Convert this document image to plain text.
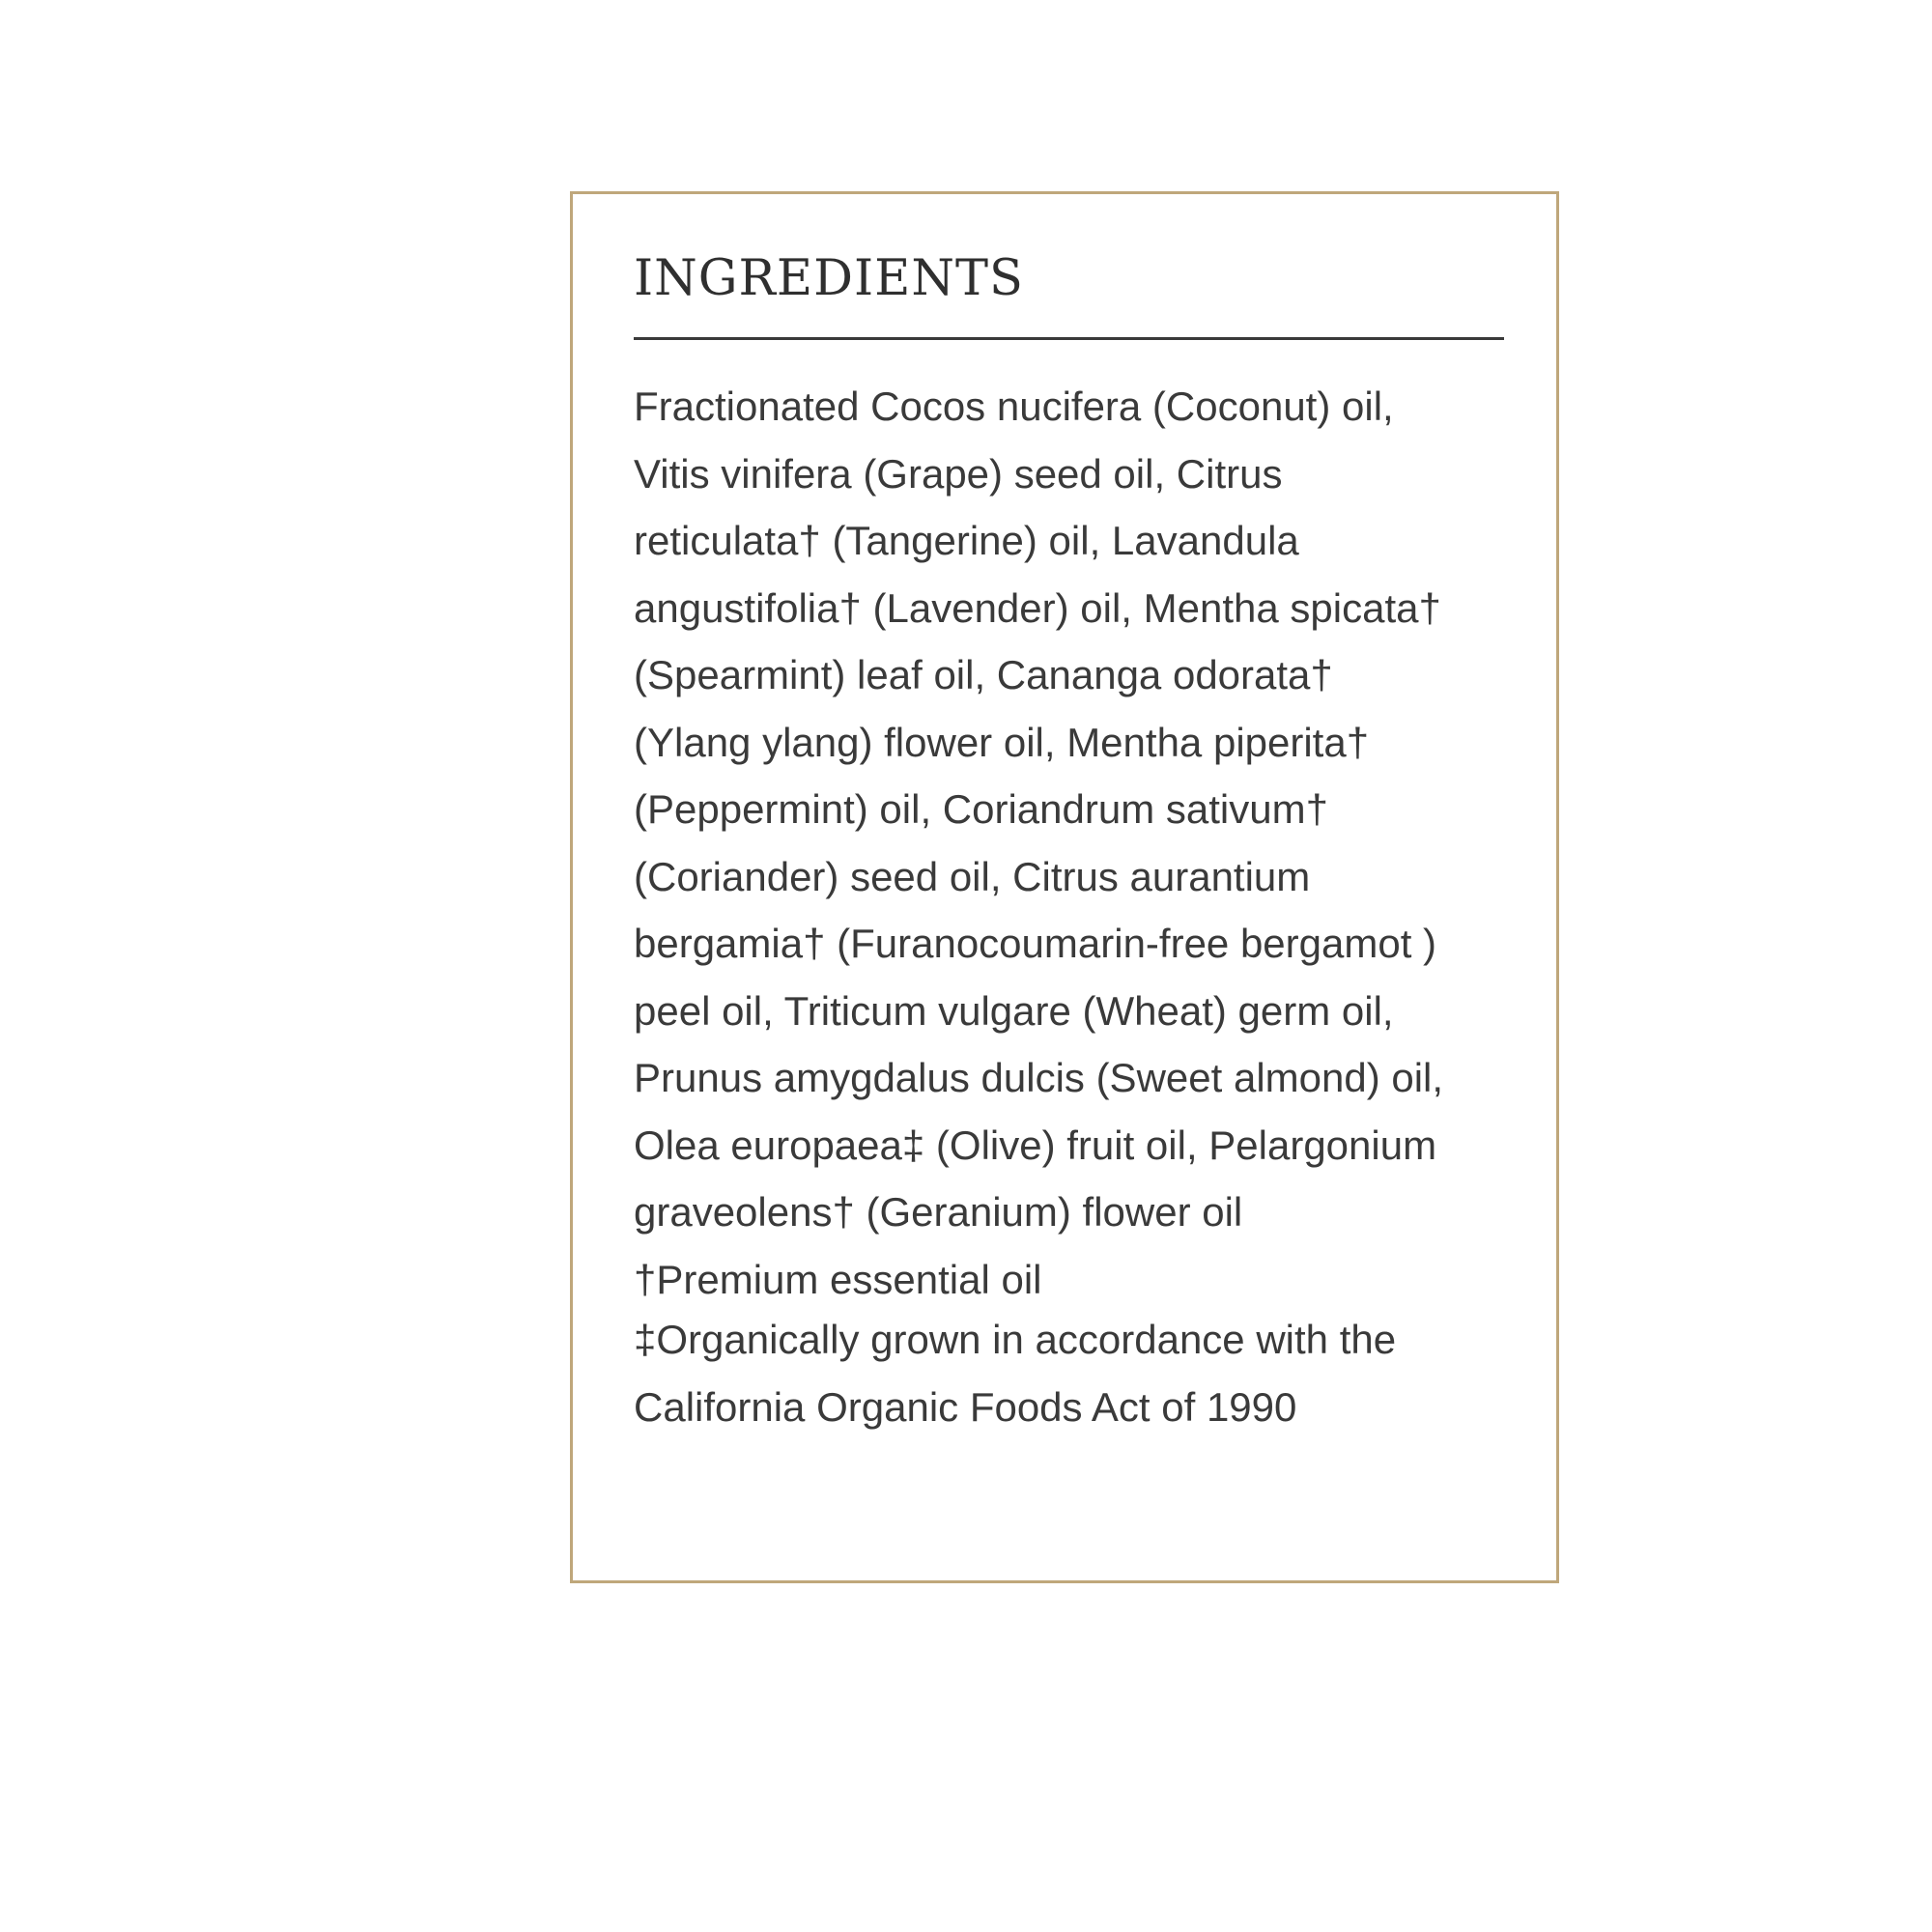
INGREDIENTS
Fractionated Cocos nucifera (Coconut) oil,
Vitis vinifera (Grape) seed oil, Citrus
reticulata† (Tangerine) oil, Lavandula
angustifolia† (Lavender) oil, Mentha spicata†
(Spearmint) leaf oil, Cananga odorata†
(Ylang ylang) flower oil, Mentha piperita†
(Peppermint) oil, Coriandrum sativum†
(Coriander) seed oil, Citrus aurantium
bergamia† (Furanocoumarin-free bergamot )
peel oil, Triticum vulgare (Wheat) germ oil,
Prunus amygdalus dulcis (Sweet almond) oil,
Olea europaea‡ (Olive) fruit oil, Pelargonium
graveolens† (Geranium) flower oil
†Premium essential oil
‡Organically grown in accordance with the
California Organic Foods Act of 1990
